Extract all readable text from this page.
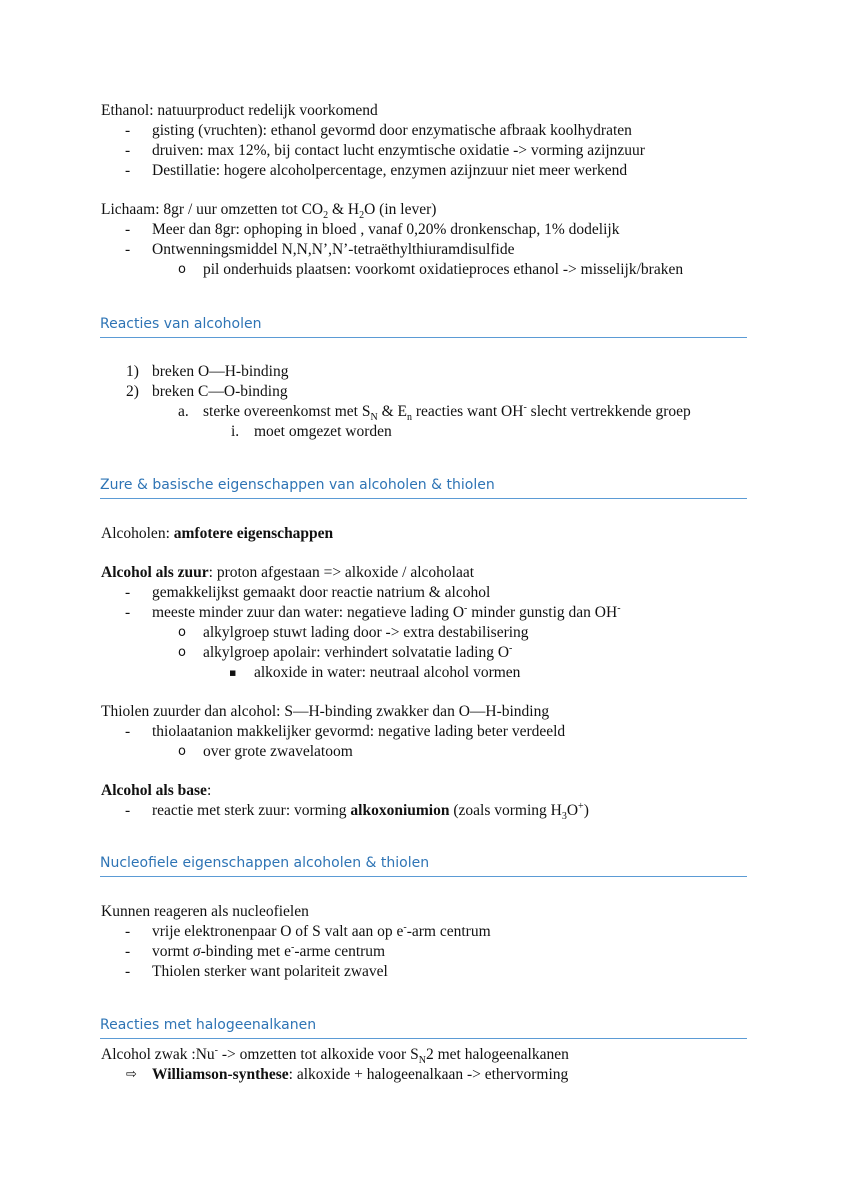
Ethanol: natuurproduct redelijk voorkomend
- gisting (vruchten): ethanol gevormd door enzymatische afbraak koolhydraten
- druiven: max 12%, bij contact lucht enzymtische oxidatie -> vorming azijnzuur
- Destillatie: hogere alcoholpercentage, enzymen azijnzuur niet meer werkend
Lichaam: 8gr / uur omzetten tot $CO_2$ & $H_2O$ (in lever)
- Meer dan 8gr: ophoping in bloed , vanaf 0,20% dronkenschap, 1% dodelijk
- Ontwenningsmiddel N,N,N’,N’-tetraëthylthiuramdisulfide
o pil onderhuids plaatsen: voorkomt oxidatieproces ethanol -> misselijk/braken
Reacties van alcoholen
1) breken O—H-binding
2) breken C—O-binding
a. sterke overeenkomst met $S_N$ & $E_n$ reacties want OH- slecht vertrekkende groep
i. moet omgezet worden
Zure & basische eigenschappen van alcoholen & thiolen
Alcoholen: amfotere eigenschappen
Alcohol als zuur: proton afgestaan => alkoxide / alcoholaat
- gemakkelijkst gemaakt door reactie natrium & alcohol
- meeste minder zuur dan water: negatieve lading O- minder gunstig dan OH-
o alkylgroep stuwt lading door -> extra destabilisering
o alkylgroep apolair: verhindert solvatatie lading O-
▪ alkoxide in water: neutraal alcohol vormen
Thiolen zuurder dan alcohol: S—H-binding zwakker dan O—H-binding
- thiolaatanion makkelijker gevormd: negative lading beter verdeeld
o over grote zwavelatoom
Alcohol als base:
- reactie met sterk zuur: vorming alkoxoniumion (zoals vorming $H_3O^+$)
Nucleofiele eigenschappen alcoholen & thiolen
Kunnen reageren als nucleofielen
- vrije elektronenpaar O of S valt aan op e--arm centrum
- vormt σ-binding met e--arme centrum
- Thiolen sterker want polariteit zwavel
Reacties met halogeenalkanen
Alcohol zwak :Nu- -> omzetten tot alkoxide voor $S_N2$ met halogeenalkanen
⇨ Williamson-synthese: alkoxide + halogeenalkaan -> ethervorming
